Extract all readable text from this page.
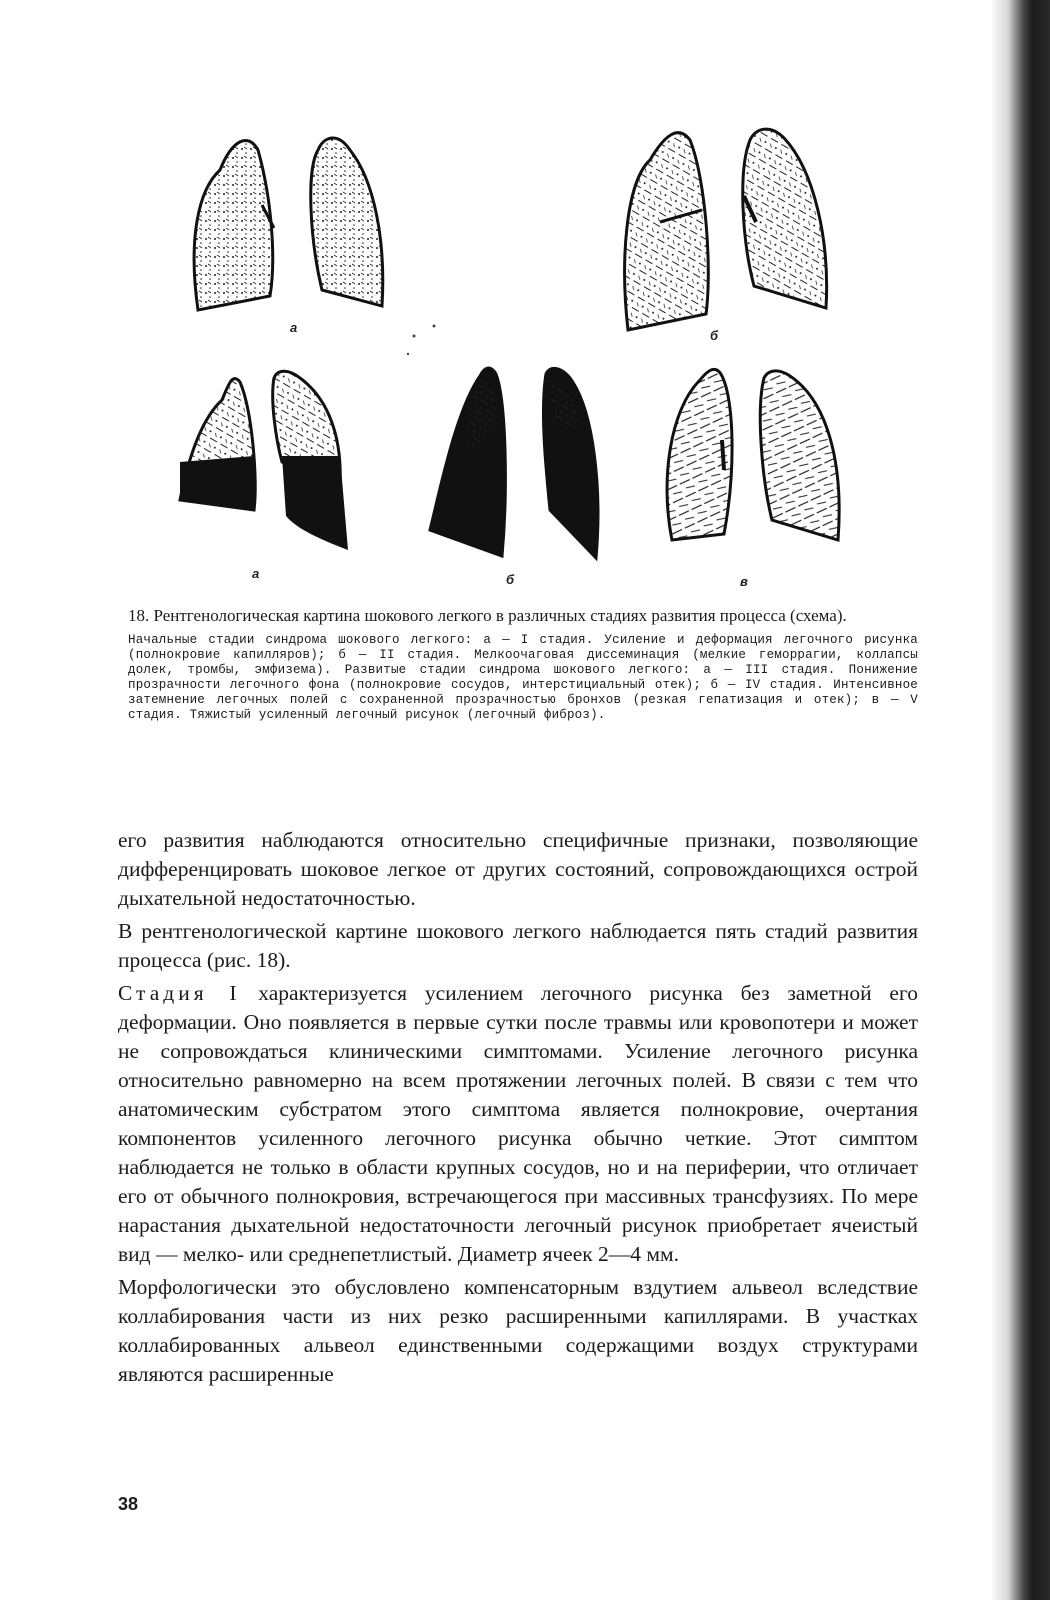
а
б
а	б	в

18. Рентгенологическая картина шокового легкого в различных стадиях развития процесса (схема).

Начальные стадии синдрома шокового легкого: а — I стадия. Усиление и деформация легочного рисунка (полнокровие капилляров); б — II стадия. Мелкоочаговая диссеминация (мелкие геморрагии, коллапсы долек, тромбы, эмфизема). Развитые стадии синдрома шокового легкого: а — III стадия. Понижение прозрачности легочного фона (полнокровие сосудов, интерстициальный отек); б — IV стадия. Интенсивное затемнение легочных полей с сохраненной прозрачностью бронхов (резкая гепатизация и отек); в — V стадия. Тяжистый усиленный легочный рисунок (легочный фиброз).

его развития наблюдаются относительно специфичные признаки, позволяющие дифференцировать шоковое легкое от других состояний, сопровождающихся острой дыхательной недостаточностью.

В рентгенологической картине шокового легкого наблюдается пять стадий развития процесса (рис. 18).

Стадия I характеризуется усилением легочного рисунка без заметной его деформации. Оно появляется в первые сутки после травмы или кровопотери и может не сопровождаться клиническими симптомами. Усиление легочного рисунка относительно равномерно на всем протяжении легочных полей. В связи с тем что анатомическим субстратом этого симптома является полнокровие, очертания компонентов усиленного легочного рисунка обычно четкие. Этот симптом наблюдается не только в области крупных сосудов, но и на периферии, что отличает его от обычного полнокровия, встречающегося при массивных трансфузиях. По мере нарастания дыхательной недостаточности легочный рисунок приобретает ячеистый вид — мелко- или среднепетлистый. Диаметр ячеек 2—4 мм.

Морфологически это обусловлено компенсаторным вздутием альвеол вследствие коллабирования части из них резко расширенными капиллярами. В участках коллабированных альвеол единственными содержащими воздух структурами являются расширенные

38
